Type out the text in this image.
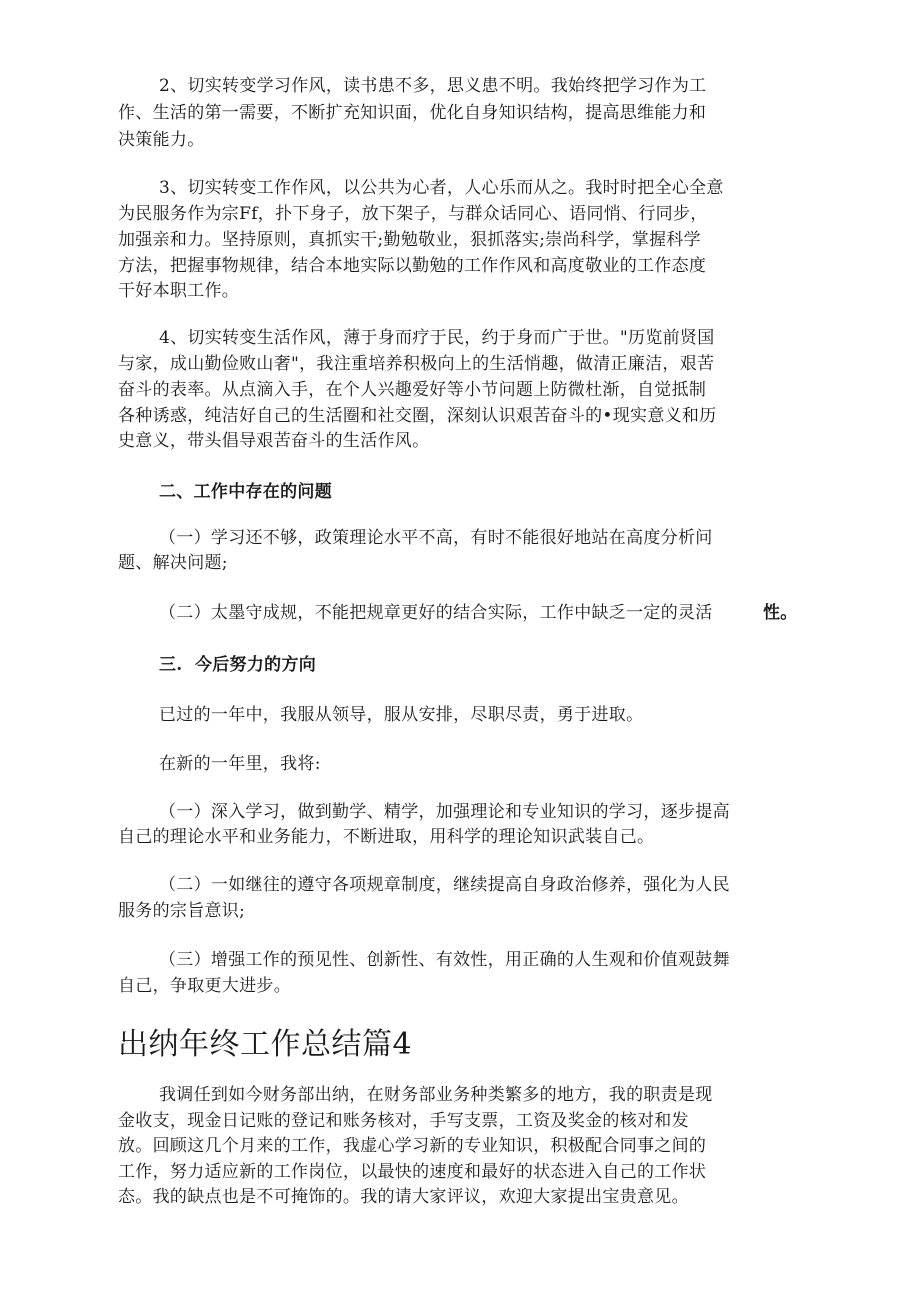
2、切实转变学习作风，读书患不多，思义患不明。我始终把学习作为工
作、生活的第一需要，不断扩充知识面，优化自身知识结构，提高思维能力和
决策能力。
3、切实转变工作作风，以公共为心者，人心乐而从之。我时时把全心全意
为民服务作为宗Ff，扑下身子，放下架子，与群众话同心、语同悄、行同步，
加强亲和力。坚持原则，真抓实干;勤勉敬业，狠抓落实;崇尚科学，掌握科学
方法，把握事物规律，结合本地实际以勤勉的工作作风和高度敬业的工作态度
干好本职工作。
4、切实转变生活作风，薄于身而疗于民，约于身而广于世。"历览前贤国
与家，成山勤俭败山奢"，我注重培养积极向上的生活悄趣，做清正廉洁，艰苦
奋斗的表率。从点滴入手，在个人兴趣爱好等小节问题上防微杜渐，自觉抵制
各种诱惑，纯洁好自己的生活圈和社交圈，深刻认识艰苦奋斗的•现实意义和历
史意义，带头倡导艰苦奋斗的生活作风。
二、工作中存在的问题
（一）学习还不够，政策理论水平不高，有时不能很好地站在高度分析问
题、解决问题;
（二）太墨守成规，不能把规章更好的结合实际，工作中缺乏一定的灵活	性。
三.  今后努力的方向
已过的一年中，我服从领导，服从安排，尽职尽责，勇于进取。
在新的一年里，我将:
（一）深入学习，做到勤学、精学，加强理论和专业知识的学习，逐步提高
自己的理论水平和业务能力，不断进取，用科学的理论知识武装自己。
（二）一如继往的遵守各项规章制度，继续提高自身政治修养，强化为人民
服务的宗旨意识;
（三）增强工作的预见性、创新性、有效性，用正确的人生观和价值观鼓舞
自己，争取更大进步。
出纳年终工作总结篇4
我调任到如今财务部出纳，在财务部业务种类繁多的地方，我的职责是现
金收支，现金日记账的登记和账务核对，手写支票，工资及奖金的核对和发
放。回顾这几个月来的工作，我虚心学习新的专业知识，积极配合同事之间的
工作，努力适应新的工作岗位，以最快的速度和最好的状态进入自己的工作状
态。我的缺点也是不可掩饰的。我的请大家评议，欢迎大家提出宝贵意见。
